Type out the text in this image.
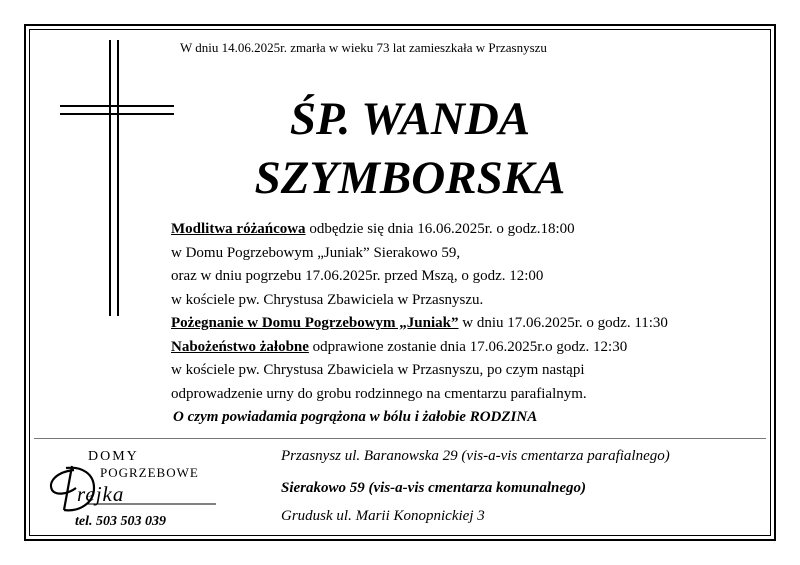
W dniu 14.06.2025r. zmarła w wieku 73 lat zamieszkała w Przasnyszu
ŚP. WANDA
SZYMBORSKA
Modlitwa różańcowa odbędzie się dnia 16.06.2025r. o godz.18:00
w Domu Pogrzebowym „Juniak” Sierakowo 59,
oraz w dniu pogrzebu 17.06.2025r. przed Mszą, o godz. 12:00
w kościele pw. Chrystusa Zbawiciela w Przasnyszu.
Pożegnanie w Domu Pogrzebowym „Juniak” w dniu 17.06.2025r. o godz. 11:30
Nabożeństwo żałobne odprawione zostanie dnia 17.06.2025r.o godz. 12:30
w kościele pw. Chrystusa Zbawiciela w Przasnyszu, po czym nastąpi
odprowadzenie urny do grobu rodzinnego na cmentarzu parafialnym.
O czym powiadamia pogrążona w bólu i żałobie RODZINA
DOMY
POGRZEBOWE
rejka
tel. 503 503 039
Przasnysz ul. Baranowska 29 (vis-a-vis cmentarza parafialnego)
Sierakowo 59 (vis-a-vis cmentarza komunalnego)
Grudusk ul. Marii Konopnickiej 3
